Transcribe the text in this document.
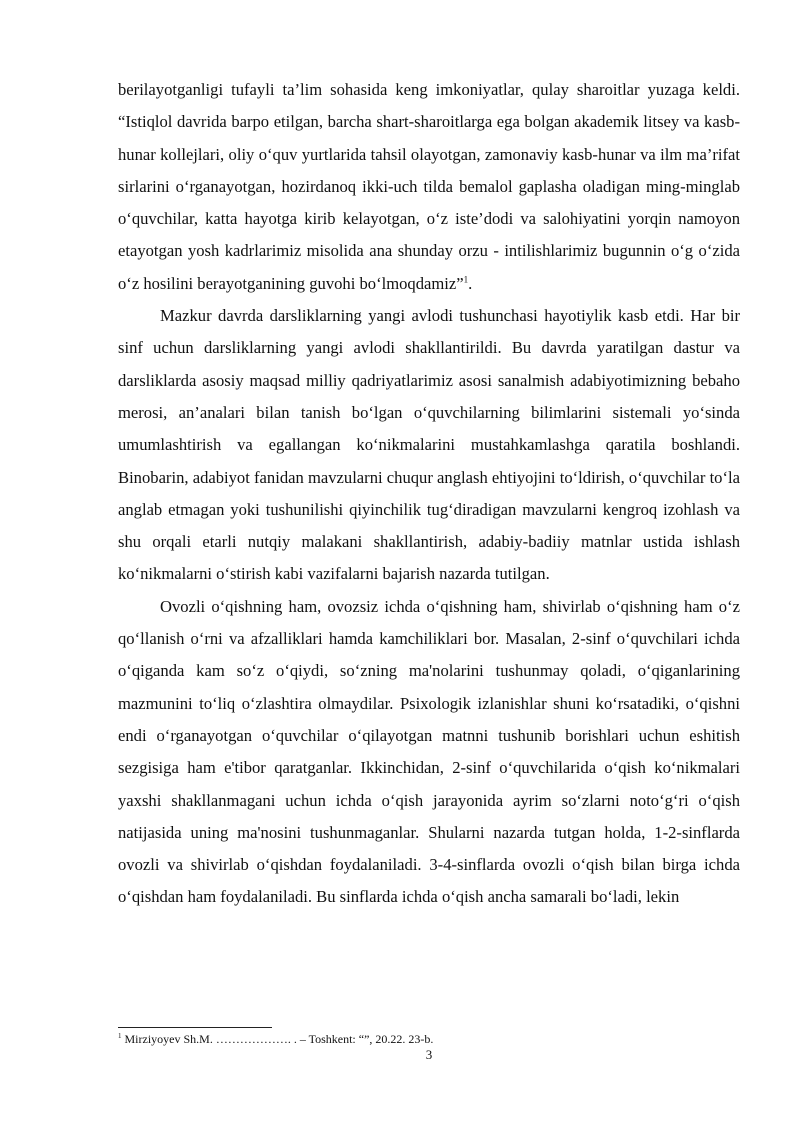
berilayotganligi tufayli ta’lim sohasida keng imkoniyatlar, qulay sharoitlar yuzaga keldi. “Istiqlol davrida barpo etilgan, barcha shart-sharoitlarga ega bolgan akademik litsey va kasb-hunar kollejlari, oliy o‘quv yurtlarida tahsil olayotgan, zamonaviy kasb-hunar va ilm ma’rifat sirlarini o‘rganayotgan, hozirdanoq ikki-uch tilda bemalol gaplasha oladigan ming-minglab o‘quvchilar, katta hayotga kirib kelayotgan, o‘z iste’dodi va salohiyatini yorqin namoyon etayotgan yosh kadrlarimiz misolida ana shunday orzu - intilishlarimiz bugunnin o‘g o‘zida o‘z hosilini berayotganining guvohi bo‘lmoqdamiz”$^1$.

Mazkur davrda darsliklarning yangi avlodi tushunchasi hayotiylik kasb etdi. Har bir sinf uchun darsliklarning yangi avlodi shakllantirildi. Bu davrda yaratilgan dastur va darsliklarda asosiy maqsad milliy qadriyatlarimiz asosi sanalmish adabiyotimizning bebaho merosi, an’analari bilan tanish bo‘lgan o‘quvchilarning bilimlarini sistemali yo‘sinda umumlashtirish va egallangan ko‘nikmalarini mustahkamlashga qaratila boshlandi. Binobarin, adabiyot fanidan mavzularni chuqur anglash ehtiyojini to‘ldirish, o‘quvchilar to‘la anglab etmagan yoki tushunilishi qiyinchilik tug‘diradigan mavzularni kengroq izohlash va shu orqali etarli nutqiy malakani shakllantirish, adabiy-badiiy matnlar ustida ishlash ko‘nikmalarni o‘stirish kabi vazifalarni bajarish nazarda tutilgan.

Ovozli o‘qishning ham, ovozsiz ichda o‘qishning ham, shivirlab o‘qishning ham o‘z qo‘llanish o‘rni va afzalliklari hamda kamchiliklari bor. Masalan, 2-sinf o‘quvchilari ichda o‘qiganda kam so‘z o‘qiydi, so‘zning ma'nolarini tushunmay qoladi, o‘qiganlarining mazmunini to‘liq o‘zlashtira olmaydilar. Psixologik izlanishlar shuni ko‘rsatadiki, o‘qishni endi o‘rganayotgan o‘quvchilar o‘qilayotgan matnni tushunib borishlari uchun eshitish sezgisiga ham e'tibor qaratganlar. Ikkinchidan, 2-sinf o‘quvchilarida o‘qish ko‘nikmalari yaxshi shakllanmagani uchun ichda o‘qish jarayonida ayrim so‘zlarni noto‘g‘ri o‘qish natijasida uning ma'nosini tushunmaganlar. Shularni nazarda tutgan holda, 1-2-sinflarda ovozli va shivirlab o‘qishdan foydalaniladi. 3-4-sinflarda ovozli o‘qish bilan birga ichda o‘qishdan ham foydalaniladi. Bu sinflarda ichda o‘qish ancha samarali bo‘ladi, lekin

$^1$ Mirziyoyev Sh.M. ………………. . – Toshkent: “”, 20.22. 23-b.
3
